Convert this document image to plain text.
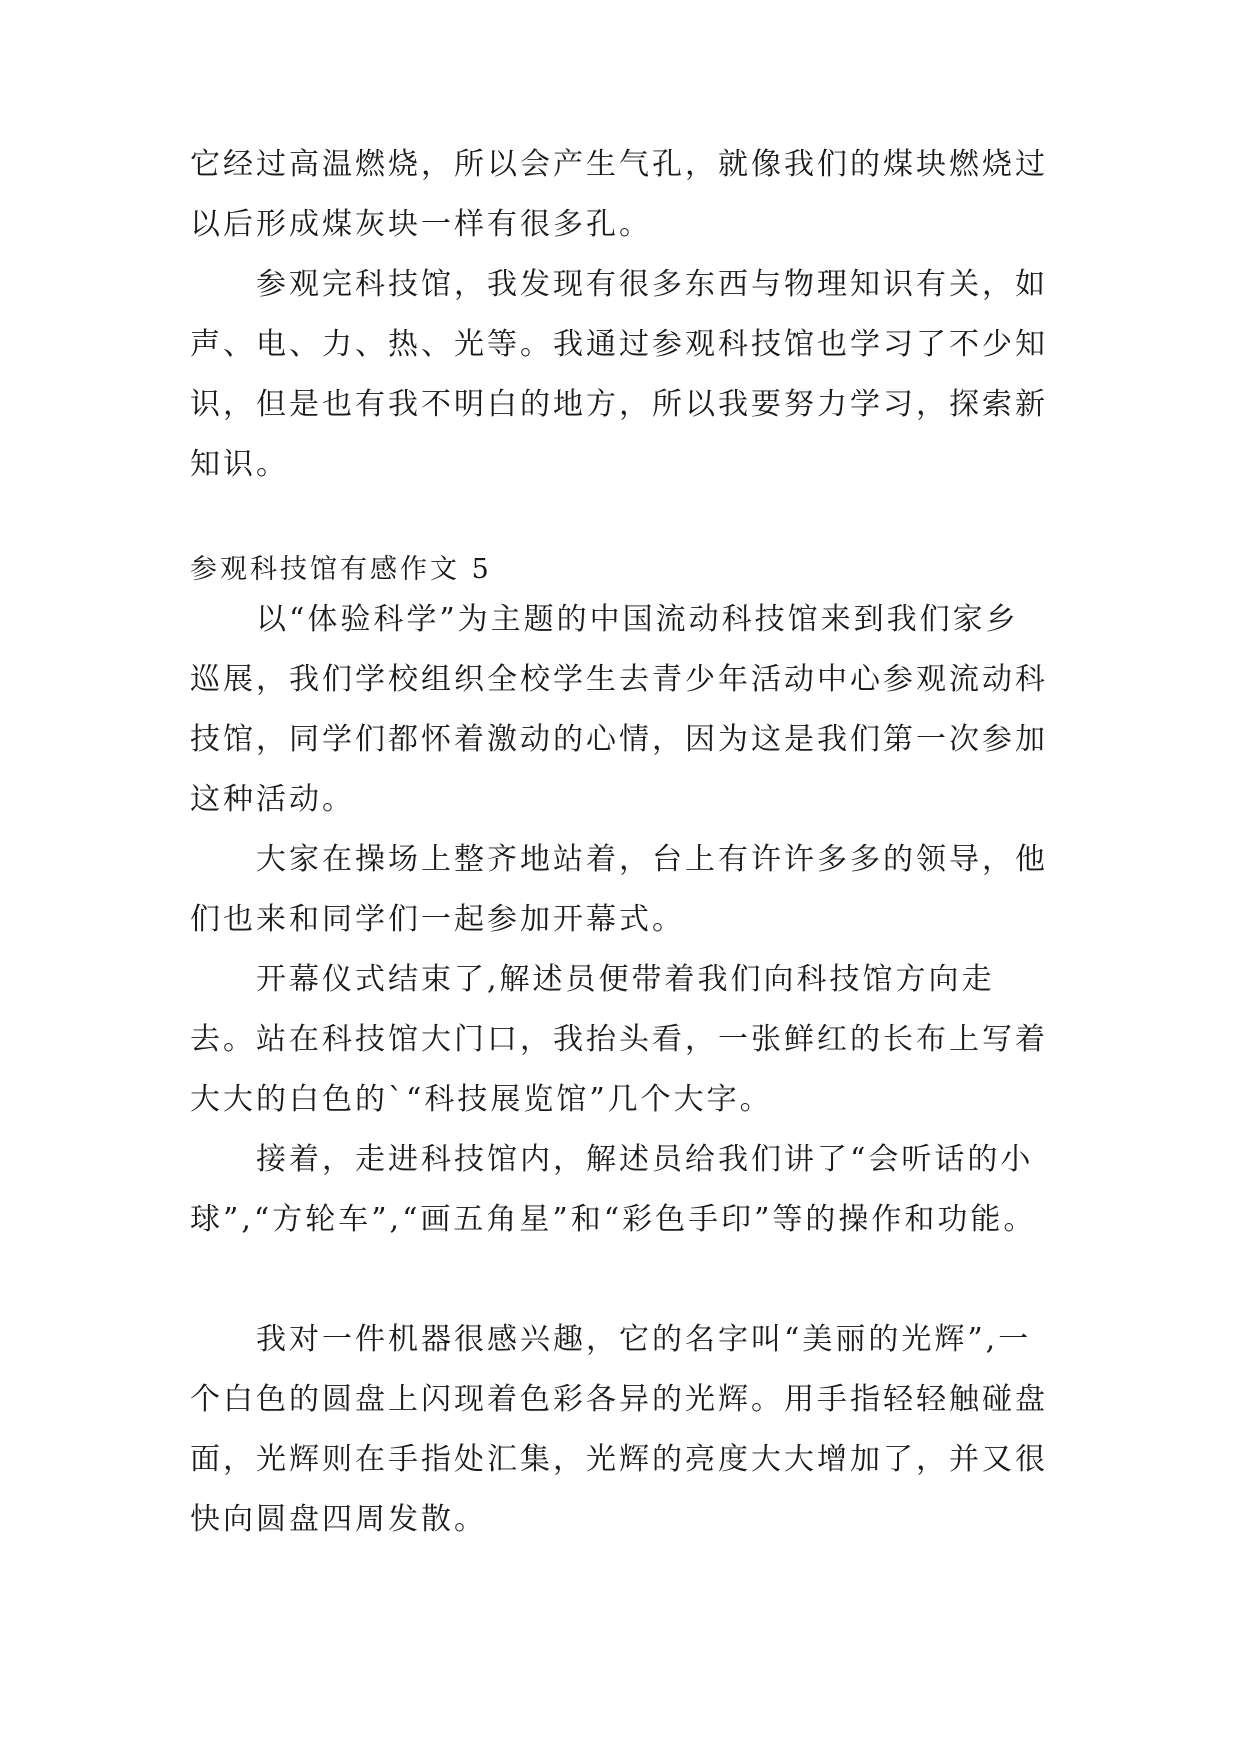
它经过高温燃烧，所以会产生气孔，就像我们的煤块燃烧过以后形成煤灰块一样有很多孔。

参观完科技馆，我发现有很多东西与物理知识有关，如声、电、力、热、光等。我通过参观科技馆也学习了不少知识，但是也有我不明白的地方，所以我要努力学习，探索新知识。

参观科技馆有感作文 5

以“体验科学”为主题的中国流动科技馆来到我们家乡巡展，我们学校组织全校学生去青少年活动中心参观流动科技馆，同学们都怀着激动的心情，因为这是我们第一次参加这种活动。

大家在操场上整齐地站着，台上有许许多多的领导，他们也来和同学们一起参加开幕式。

开幕仪式结束了,解述员便带着我们向科技馆方向走去。站在科技馆大门口，我抬头看，一张鲜红的长布上写着大大的白色的`“科技展览馆”几个大字。

接着，走进科技馆内，解述员给我们讲了“会听话的小球”,“方轮车”,“画五角星”和“彩色手印”等的操作和功能。

我对一件机器很感兴趣，它的名字叫“美丽的光辉”,一个白色的圆盘上闪现着色彩各异的光辉。用手指轻轻触碰盘面，光辉则在手指处汇集，光辉的亮度大大增加了，并又很快向圆盘四周发散。
